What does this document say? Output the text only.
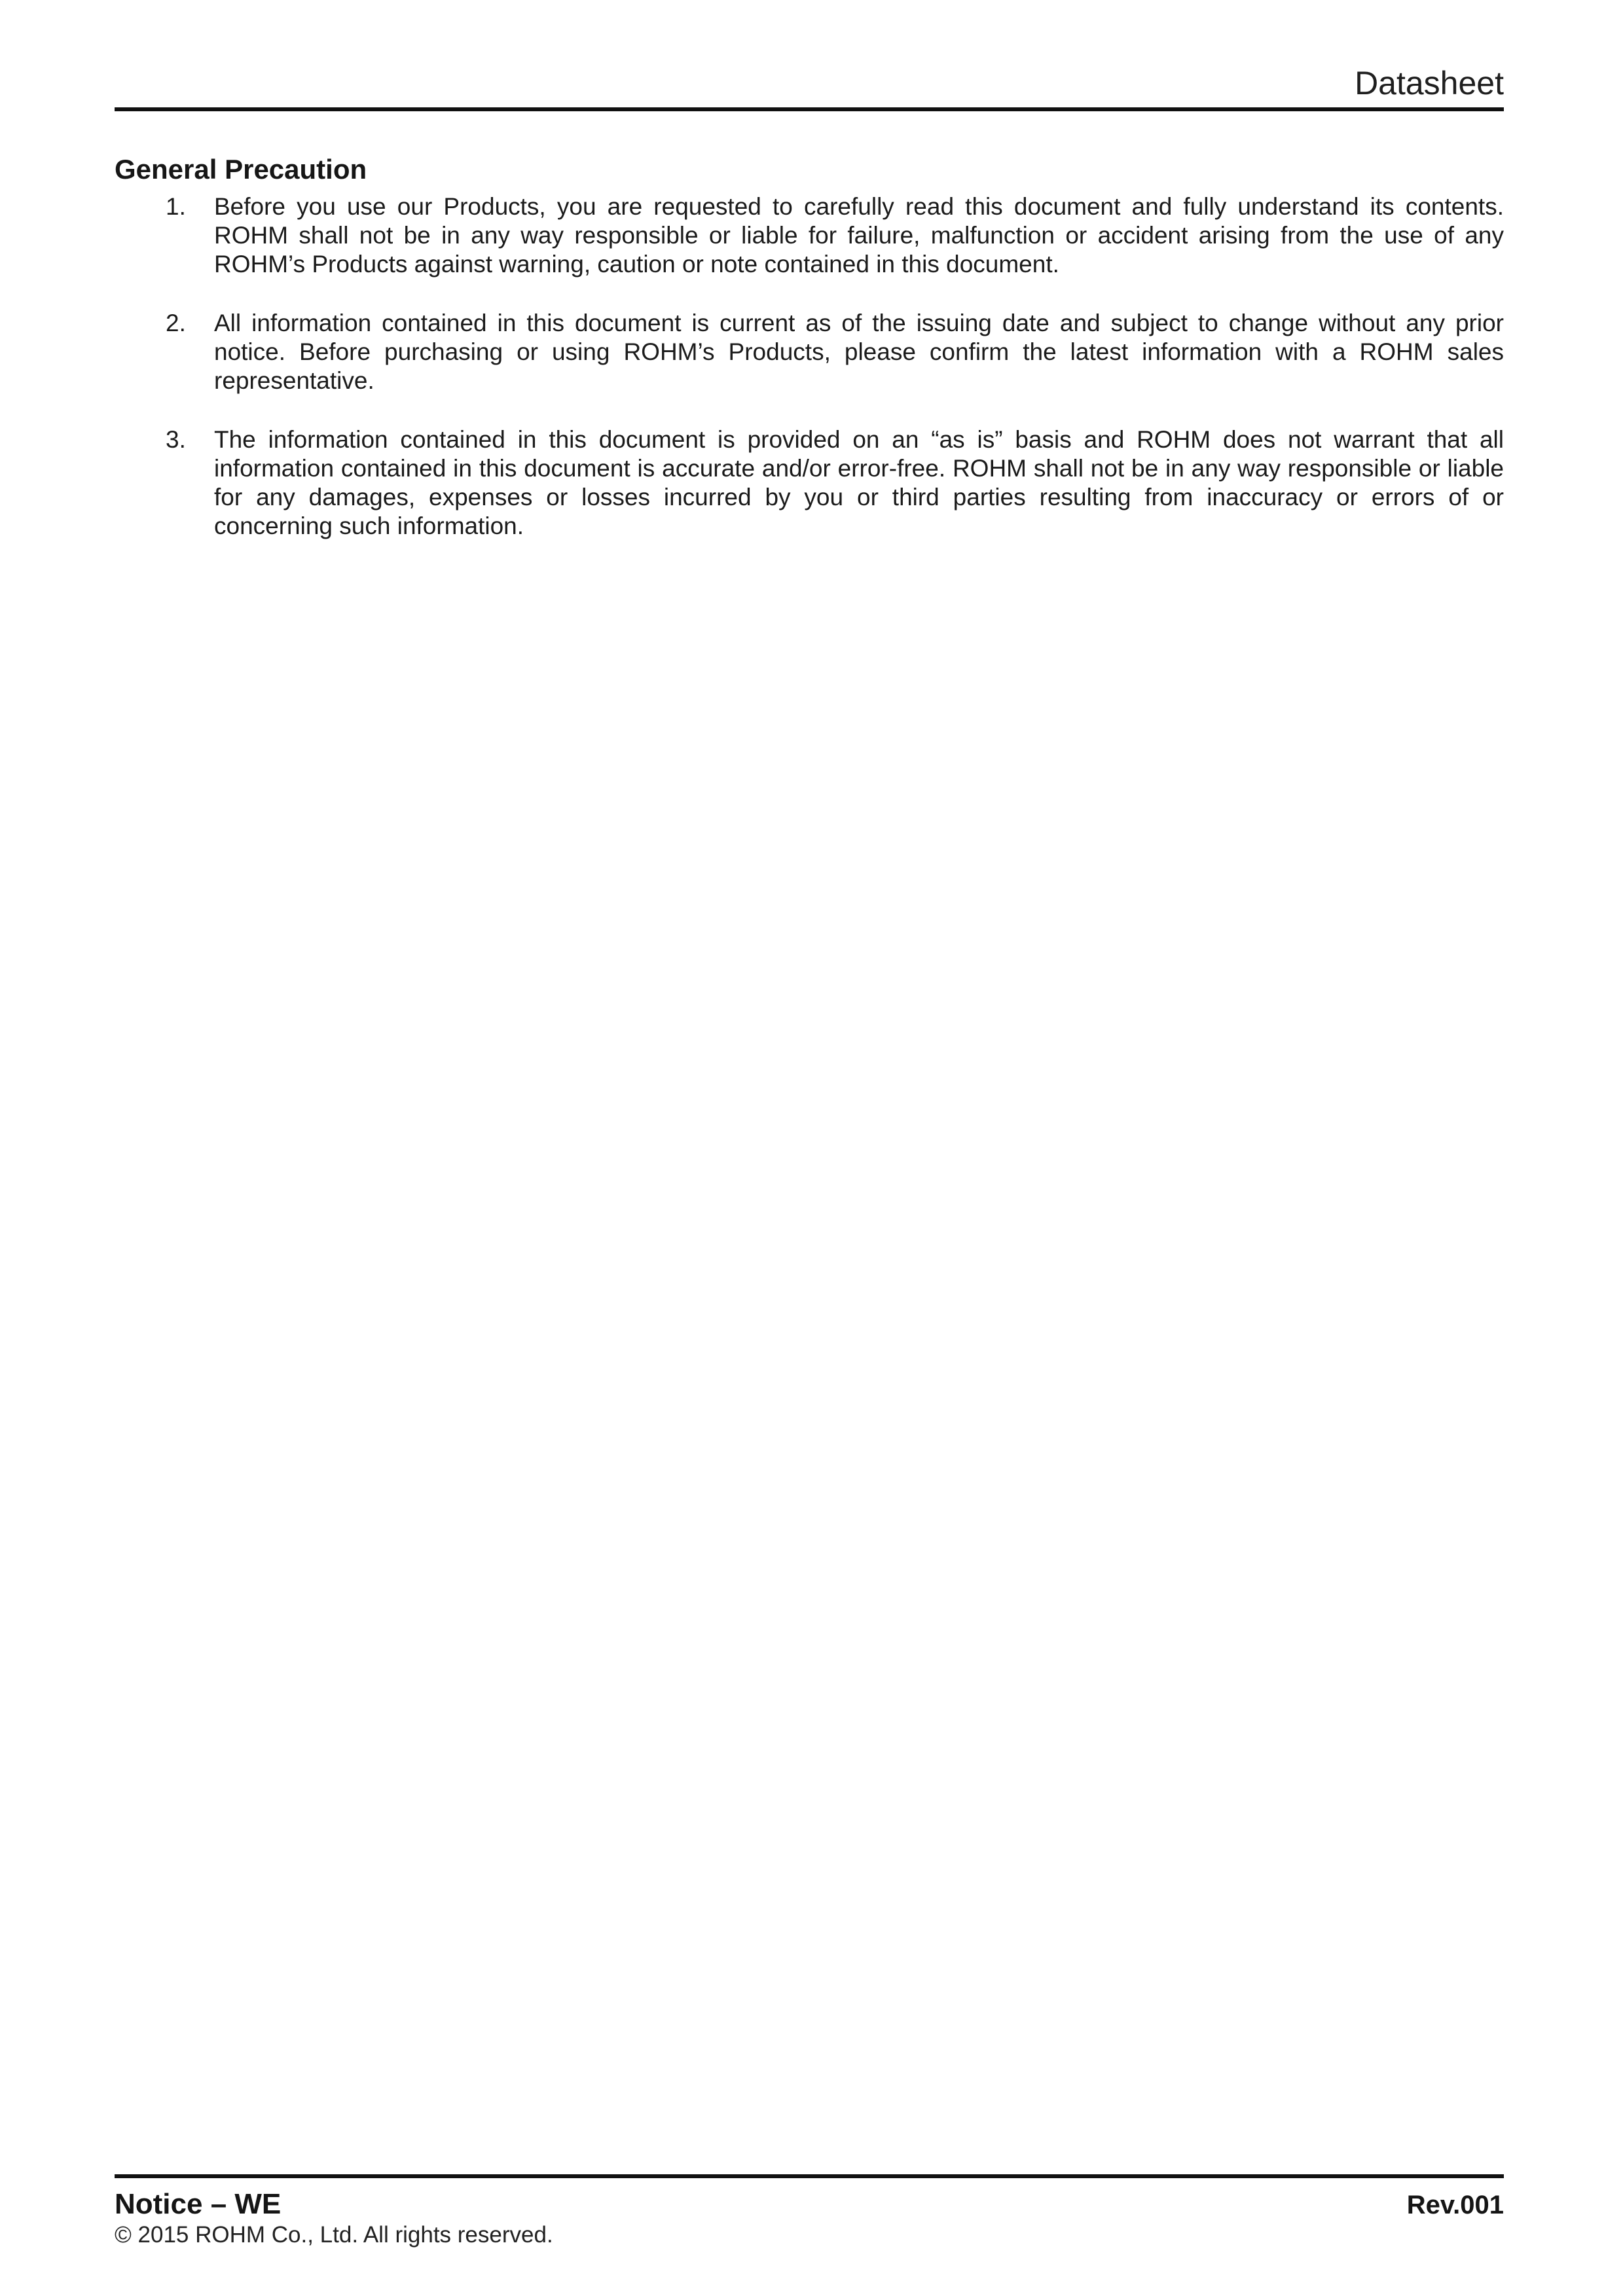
Datasheet
General Precaution
1.	Before you use our Products, you are requested to carefully read this document and fully understand its contents. ROHM shall not be in any way responsible or liable for failure, malfunction or accident arising from the use of any ROHM’s Products against warning, caution or note contained in this document.
2.	All information contained in this document is current as of the issuing date and subject to change without any prior notice. Before purchasing or using ROHM’s Products, please confirm the latest information with a ROHM sales representative.
3.	The information contained in this document is provided on an “as is” basis and ROHM does not warrant that all information contained in this document is accurate and/or error-free. ROHM shall not be in any way responsible or liable for any damages, expenses or losses incurred by you or third parties resulting from inaccuracy or errors of or concerning such information.
Notice – WE	Rev.001
© 2015 ROHM Co., Ltd. All rights reserved.
